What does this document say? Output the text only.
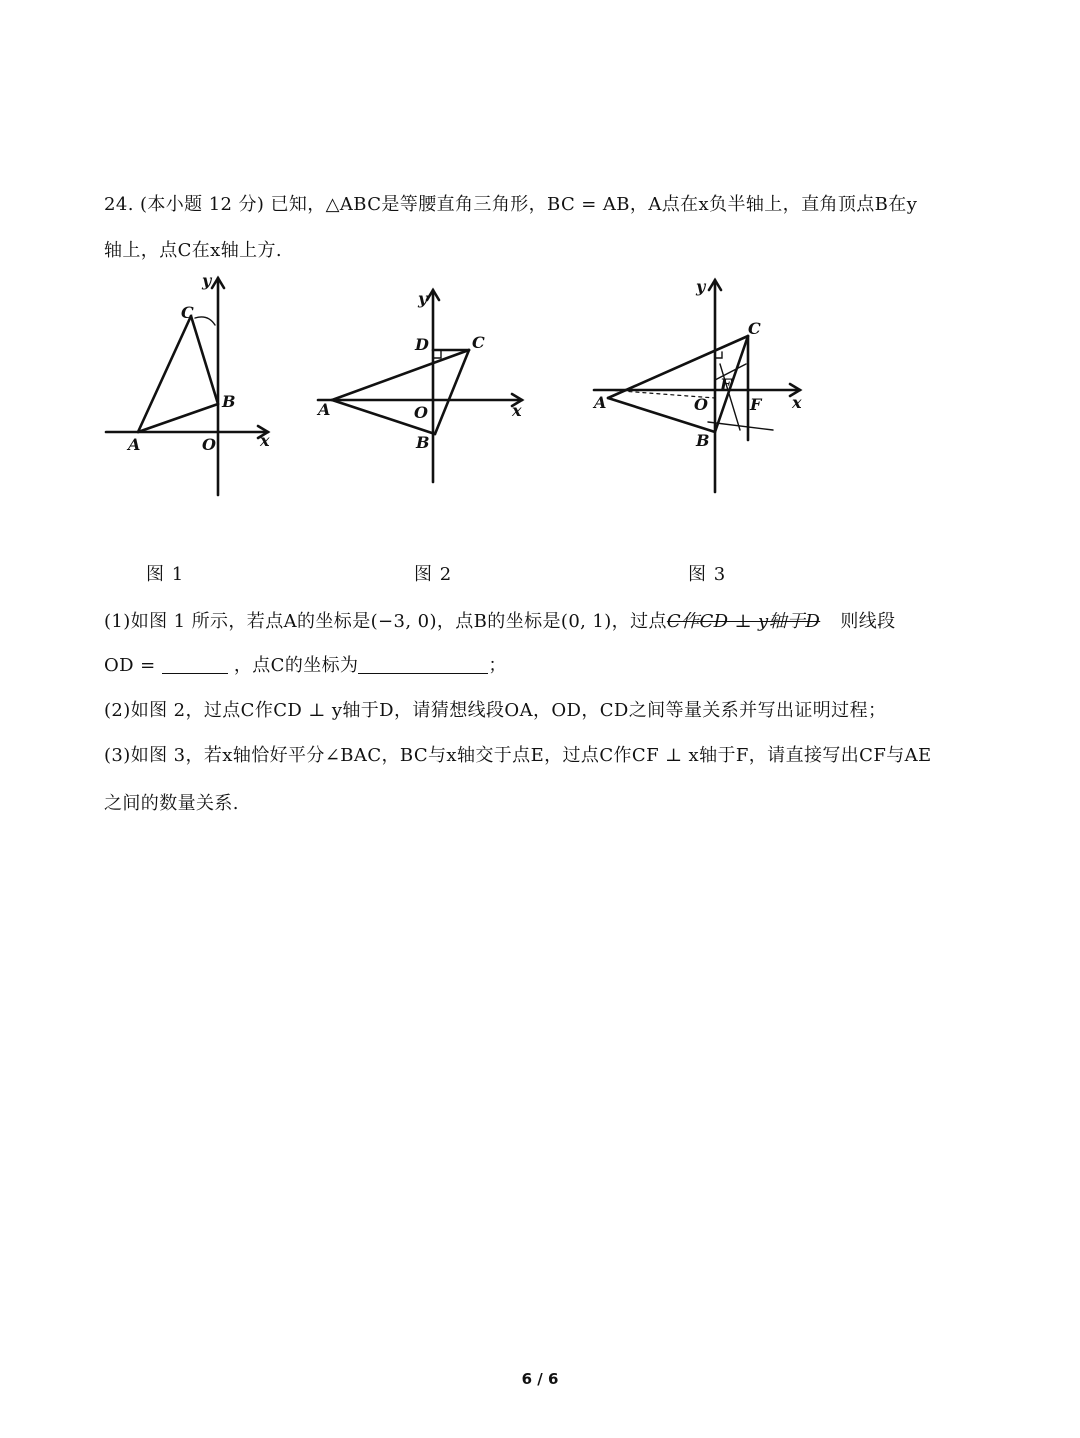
24. (本小题 12 分) 已知，△ABC是等腰直角三角形，BC = AB，A点在x负半轴上，直角顶点B在y
轴上，点C在x轴上方.
y
C
B
A	O	x
图 1
y
D	C
A	O	x
B
图 2
y
C
A	O
E
F x
B
图 3
(1)如图 1 所示，若点A的坐标是(−3, 0)，点B的坐标是(0, 1)，过点C作CD ⊥ y轴于D 则线段
OD =	，点C的坐标为	；
(2)如图 2，过点C作CD ⊥ y轴于D，请猜想线段OA，OD，CD之间等量关系并写出证明过程；
(3)如图 3，若x轴恰好平分∠BAC，BC与x轴交于点E，过点C作CF ⊥ x轴于F，请直接写出CF与AE
之间的数量关系.
6 / 6
